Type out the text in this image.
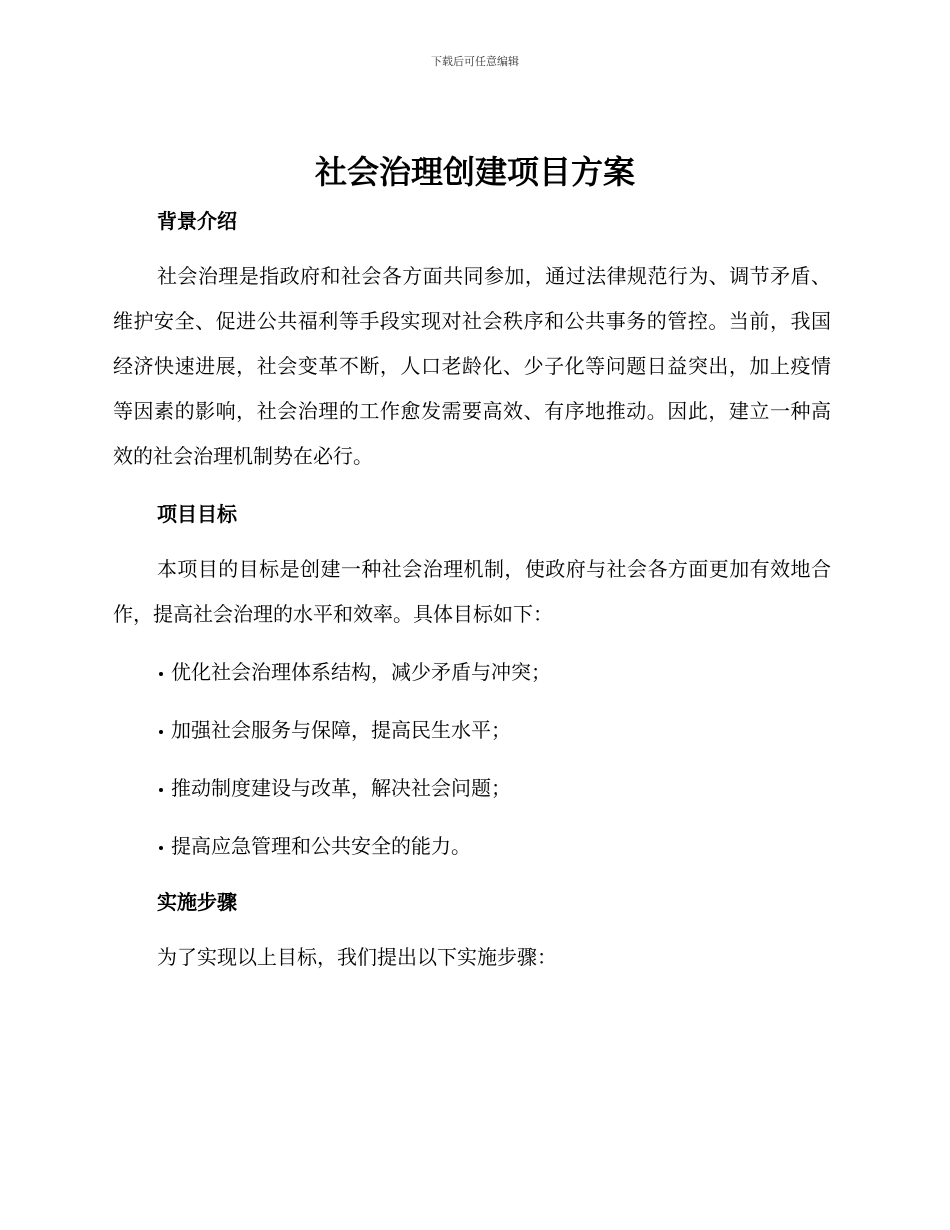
下载后可任意编辑
社会治理创建项目方案
背景介绍

社会治理是指政府和社会各方面共同参加，通过法律规范行为、调节矛盾、维护安全、促进公共福利等手段实现对社会秩序和公共事务的管控。当前，我国经济快速进展，社会变革不断，人口老龄化、少子化等问题日益突出，加上疫情等因素的影响，社会治理的工作愈发需要高效、有序地推动。因此，建立一种高效的社会治理机制势在必行。

项目目标

本项目的目标是创建一种社会治理机制，使政府与社会各方面更加有效地合作，提高社会治理的水平和效率。具体目标如下：

优化社会治理体系结构，减少矛盾与冲突；
加强社会服务与保障，提高民生水平；
推动制度建设与改革，解决社会问题；
提高应急管理和公共安全的能力。
实施步骤

为了实现以上目标，我们提出以下实施步骤：
